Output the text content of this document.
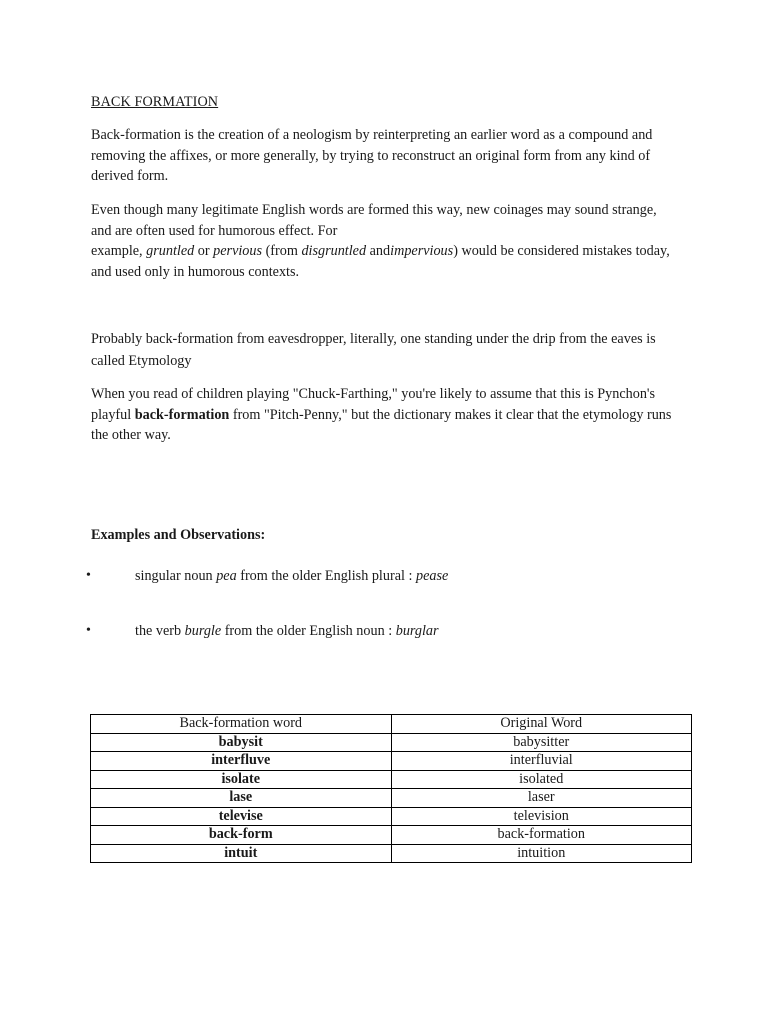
BACK FORMATION

Back-formation is the creation of a neologism by reinterpreting an earlier word as a compound and removing the affixes, or more generally, by trying to reconstruct an original form from any kind of derived form.

Even though many legitimate English words are formed this way, new coinages may sound strange, and are often used for humorous effect. For
example, gruntled or pervious (from disgruntled andimpervious) would be considered mistakes today, and used only in humorous contexts.

Probably back-formation from eavesdropper, literally, one standing under the drip from the eaves is called Etymology

When you read of children playing "Chuck-Farthing," you're likely to assume that this is Pynchon's playful back-formation from "Pitch-Penny," but the dictionary makes it clear that the etymology runs the other way.

Examples and Observations:
•	singular noun pea from the older English plural : pease
•	the verb burgle from the older English noun : burglar
Back-formation word	Original Word
babysit	babysitter
interfluve	interfluvial
isolate	isolated
lase	laser
televise	television
back-form	back-formation
intuit	intuition
